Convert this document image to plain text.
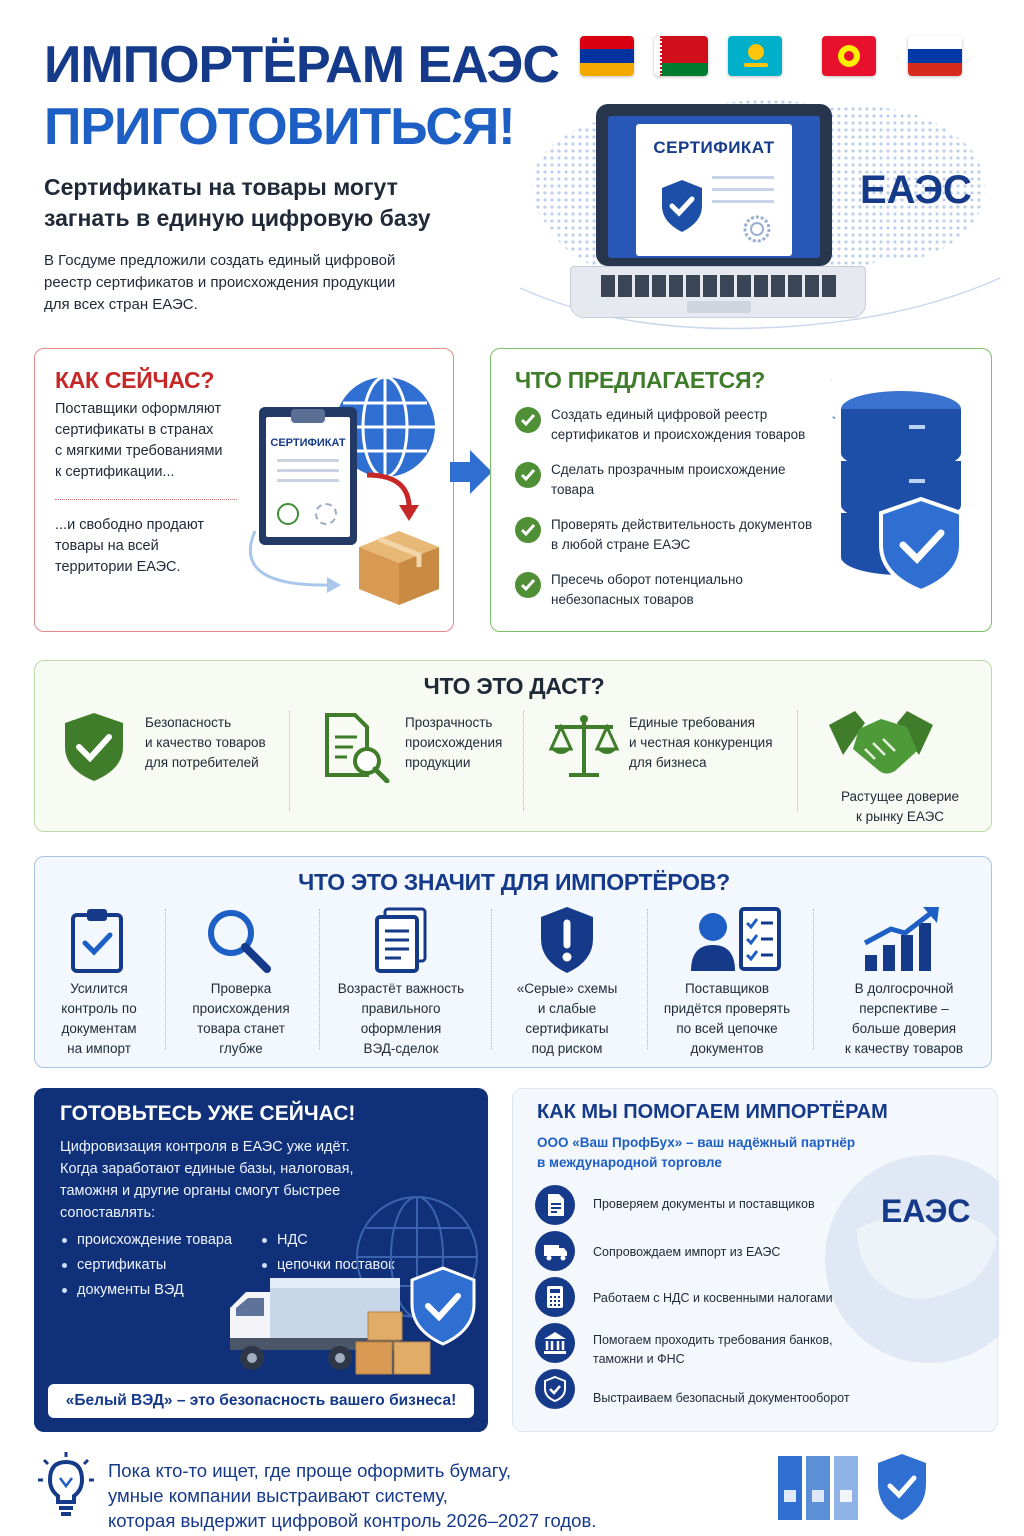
ИМПОРТЁРАМ ЕАЭС
ПРИГОТОВИТЬСЯ!
Сертификаты на товары могут
загнать в единую цифровую базу
В Госдуме предложили создать единый цифровой
реестр сертификатов и происхождения продукции
для всех стран ЕАЭС.
СЕРТИФИКАТ
ЕАЭС
КАК СЕЙЧАС?
Поставщики оформляют
сертификаты в странах
с мягкими требованиями
к сертификации...
...и свободно продают
товары на всей
территории ЕАЭС.
СЕРТИФИКАТ
ЧТО ПРЕДЛАГАЕТСЯ?
Создать единый цифровой реестр
сертификатов и происхождения товаров
Сделать прозрачным происхождение
товара
Проверять действительность документов
в любой стране ЕАЭС
Пресечь оборот потенциально
небезопасных товаров
ЧТО ЭТО ДАСТ?
Безопасность
и качество товаров
для потребителей
Прозрачность
происхождения
продукции
Единые требования
и честная конкуренция
для бизнеса
Растущее доверие
к рынку ЕАЭС
ЧТО ЭТО ЗНАЧИТ ДЛЯ ИМПОРТЁРОВ?
Усилится
контроль по
документам
на импорт
Проверка
происхождения
товара станет
глубже
Возрастёт важность
правильного
оформления
ВЭД-сделок
«Серые» схемы
и слабые
сертификаты
под риском
Поставщиков
придётся проверять
по всей цепочке
документов
В долгосрочной
перспективе –
больше доверия
к качеству товаров
ГОТОВЬТЕСЬ УЖЕ СЕЙЧАС!
Цифровизация контроля в ЕАЭС уже идёт.
Когда заработают единые базы, налоговая,
таможня и другие органы смогут быстрее
сопоставлять:
происхождение товара
сертификаты
документы ВЭД
НДС
цепочки поставок
«Белый ВЭД» – это безопасность вашего бизнеса!
ЕАЭС
КАК МЫ ПОМОГАЕМ ИМПОРТЁРАМ
ООО «Ваш ПрофБух» – ваш надёжный партнёр
в международной торговле
Проверяем документы и поставщиков
Сопровождаем импорт из ЕАЭС
Работаем с НДС и косвенными налогами
Помогаем проходить требования банков,
таможни и ФНС
Выстраиваем безопасный документооборот
Пока кто-то ищет, где проще оформить бумагу,
умные компании выстраивают систему,
которая выдержит цифровой контроль 2026–2027 годов.
